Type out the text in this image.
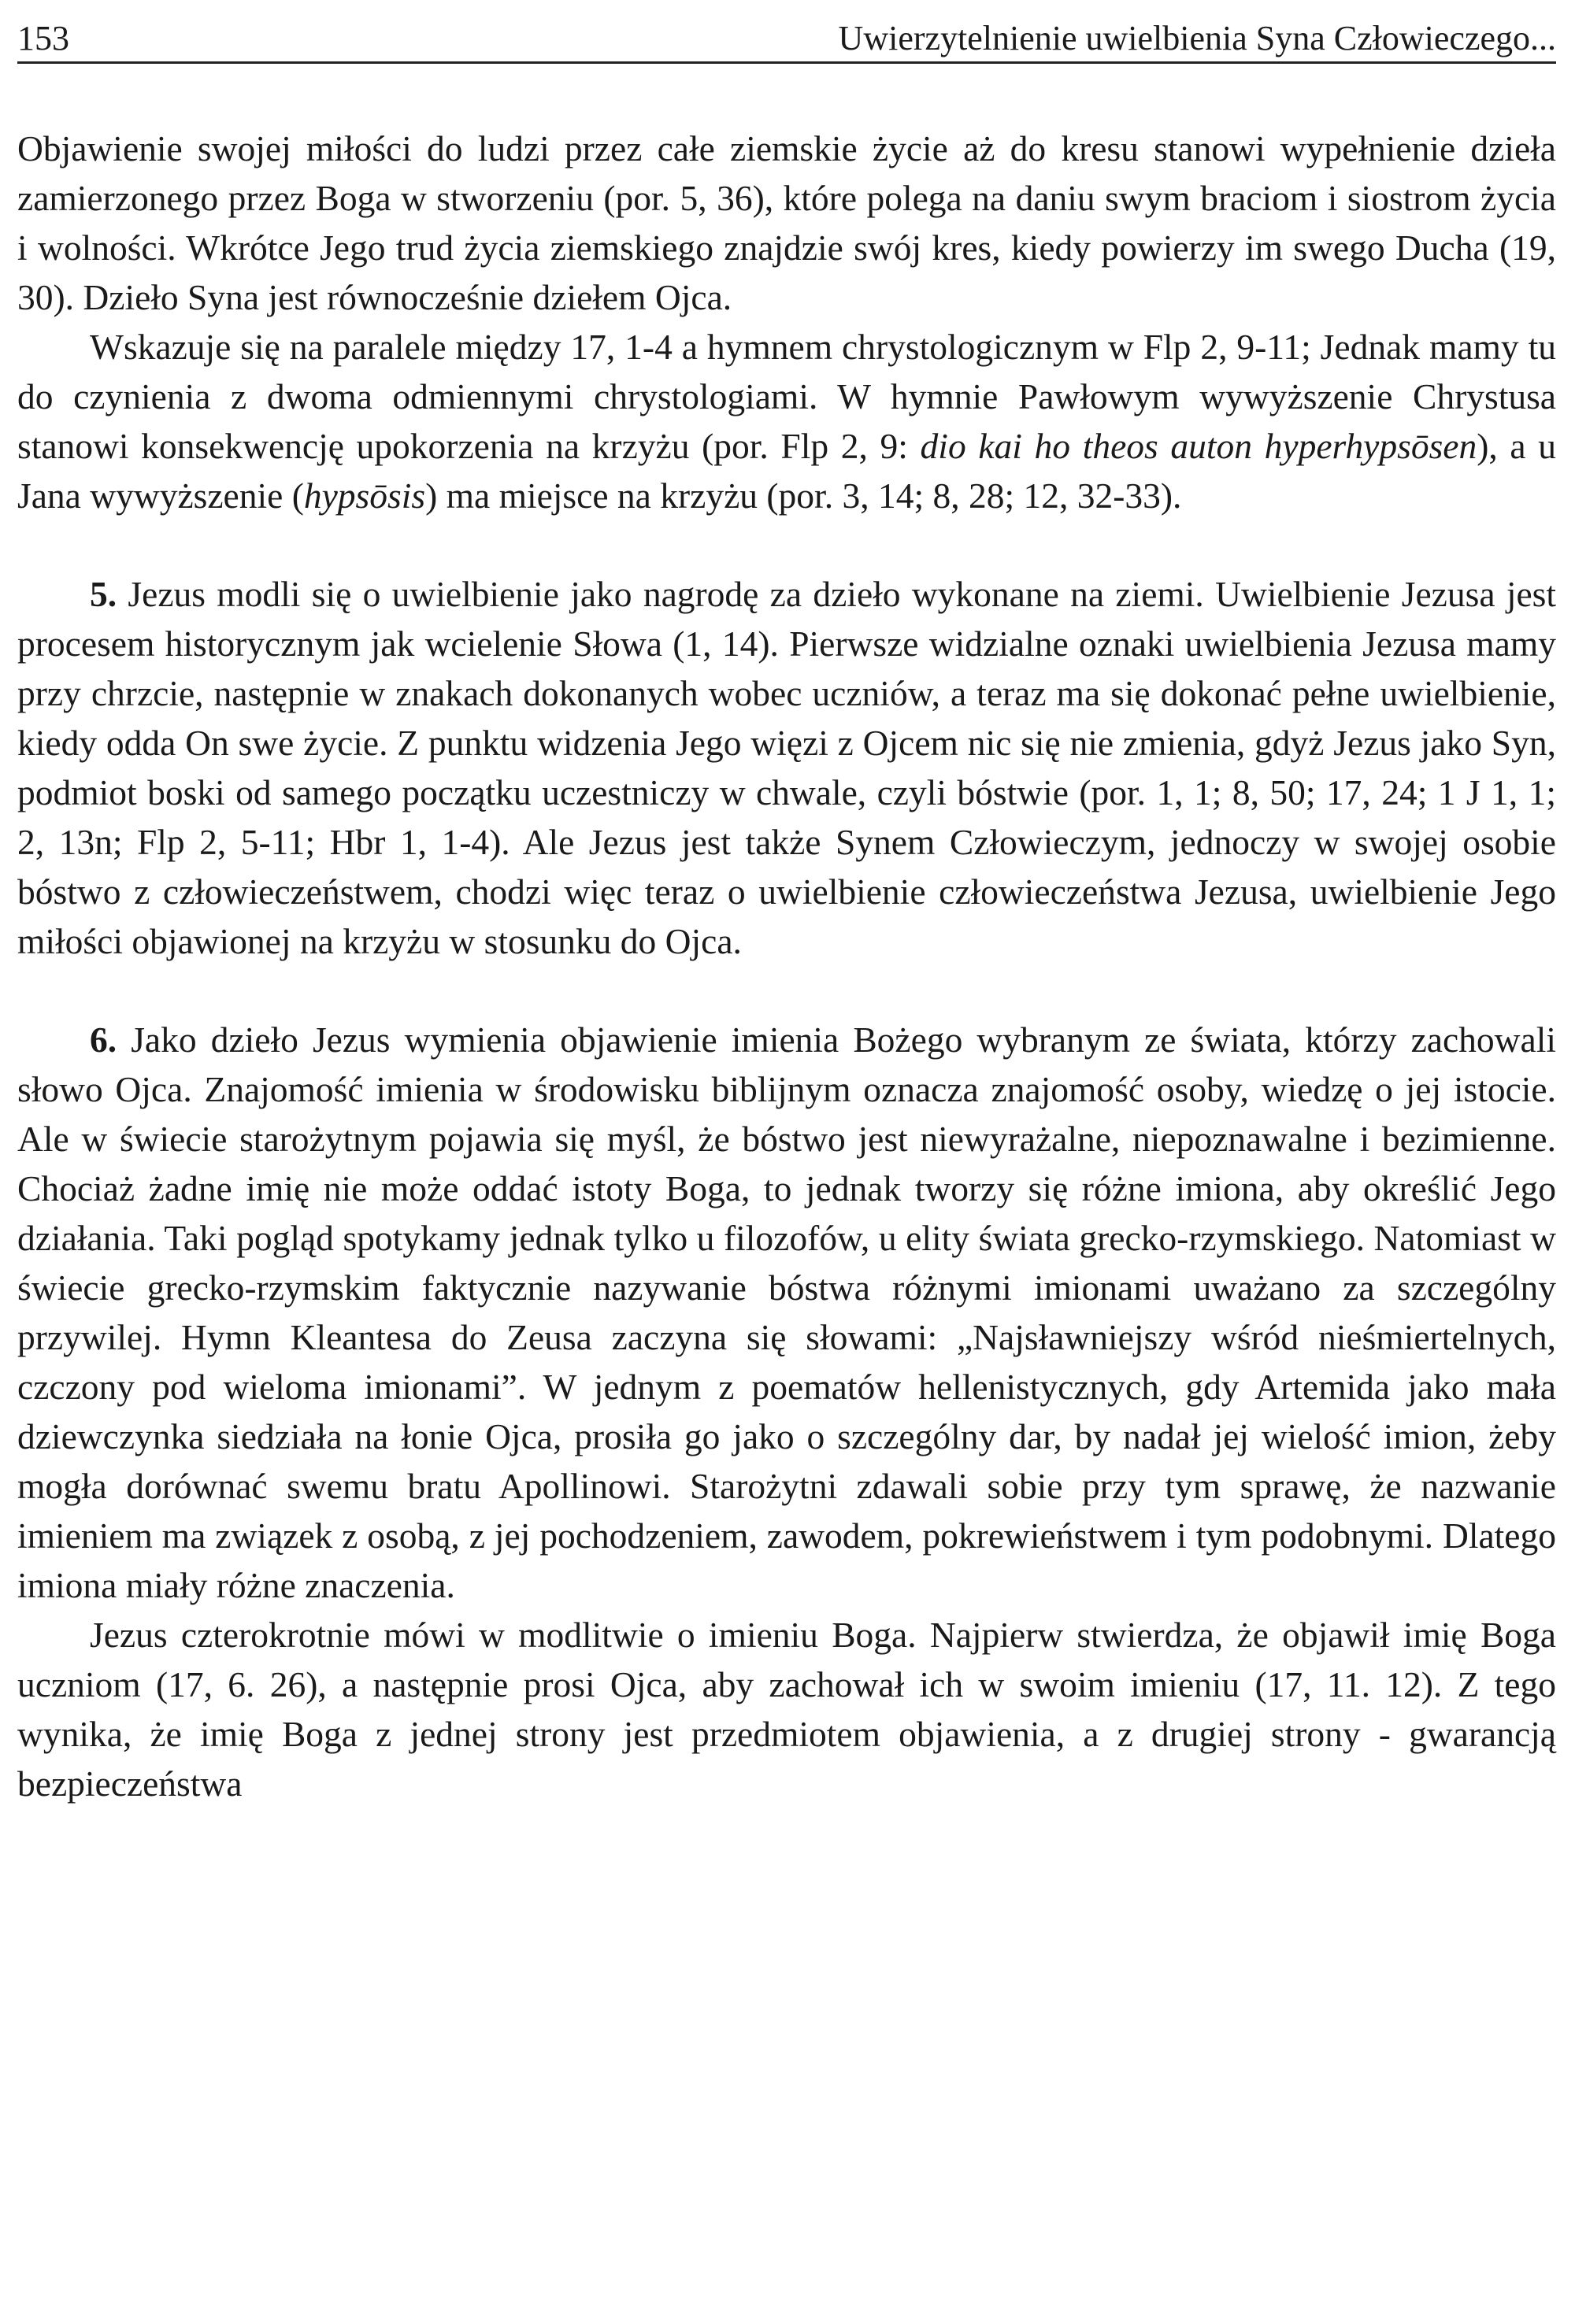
153	Uwierzytelnienie uwielbienia Syna Człowieczego...

Objawienie swojej miłości do ludzi przez całe ziemskie życie aż do kresu stanowi wypełnienie dzieła zamierzonego przez Boga w stworzeniu (por. 5, 36), które polega na daniu swym braciom i siostrom życia i wolności. Wkrótce Jego trud życia ziemskiego znajdzie swój kres, kiedy powierzy im swego Ducha (19, 30). Dzieło Syna jest równocześnie dziełem Ojca.

Wskazuje się na paralele między 17, 1-4 a hymnem chrystologicznym w Flp 2, 9-11; Jednak mamy tu do czynienia z dwoma odmiennymi chrystologiami. W hymnie Pawłowym wywyższenie Chrystusa stanowi konsekwencję upokorzenia na krzyżu (por. Flp 2, 9: dio kai ho theos auton hyperhypsōsen), a u Jana wywyższenie (hypsōsis) ma miejsce na krzyżu (por. 3, 14; 8, 28; 12, 32-33).

5. Jezus modli się o uwielbienie jako nagrodę za dzieło wykonane na ziemi. Uwielbienie Jezusa jest procesem historycznym jak wcielenie Słowa (1, 14). Pierwsze widzialne oznaki uwielbienia Jezusa mamy przy chrzcie, następnie w znakach dokonanych wobec uczniów, a teraz ma się dokonać pełne uwielbienie, kiedy odda On swe życie. Z punktu widzenia Jego więzi z Ojcem nic się nie zmienia, gdyż Jezus jako Syn, podmiot boski od samego początku uczestniczy w chwale, czyli bóstwie (por. 1, 1; 8, 50; 17, 24; 1 J 1, 1; 2, 13n; Flp 2, 5-11; Hbr 1, 1-4). Ale Jezus jest także Synem Człowieczym, jednoczy w swojej osobie bóstwo z człowieczeństwem, chodzi więc teraz o uwielbienie człowieczeństwa Jezusa, uwielbienie Jego miłości objawionej na krzyżu w stosunku do Ojca.

6. Jako dzieło Jezus wymienia objawienie imienia Bożego wybranym ze świata, którzy zachowali słowo Ojca. Znajomość imienia w środowisku biblijnym oznacza znajomość osoby, wiedzę o jej istocie. Ale w świecie starożytnym pojawia się myśl, że bóstwo jest niewyrażalne, niepoznawalne i bezimienne. Chociaż żadne imię nie może oddać istoty Boga, to jednak tworzy się różne imiona, aby określić Jego działania. Taki pogląd spotykamy jednak tylko u filozofów, u elity świata grecko-rzymskiego. Natomiast w świecie grecko-rzymskim faktycznie nazywanie bóstwa różnymi imionami uważano za szczególny przywilej. Hymn Kleantesa do Zeusa zaczyna się słowami: „Najsławniejszy wśród nieśmiertelnych, czczony pod wieloma imionami”. W jednym z poematów hellenistycznych, gdy Artemida jako mała dziewczynka siedziała na łonie Ojca, prosiła go jako o szczególny dar, by nadał jej wielość imion, żeby mogła dorównać swemu bratu Apollinowi. Starożytni zdawali sobie przy tym sprawę, że nazwanie imieniem ma związek z osobą, z jej pochodzeniem, zawodem, pokrewieństwem i tym podobnymi. Dlatego imiona miały różne znaczenia.

Jezus czterokrotnie mówi w modlitwie o imieniu Boga. Najpierw stwierdza, że objawił imię Boga uczniom (17, 6. 26), a następnie prosi Ojca, aby zachował ich w swoim imieniu (17, 11. 12). Z tego wynika, że imię Boga z jednej strony jest przedmiotem objawienia, a z drugiej strony - gwarancją bezpieczeństwa
